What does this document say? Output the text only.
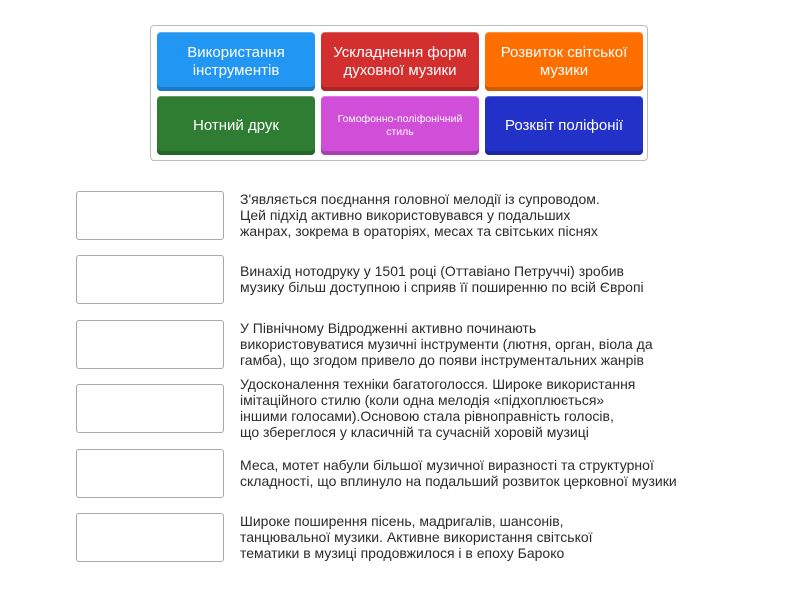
Використання інструментів
Ускладнення форм духовної музики
Розвиток світської музики
Нотний друк	Гомофонно-поліфонічний стиль	Розквіт поліфонії
З'являється поєднання головної мелодії із супроводом.
Цей підхід активно використовувався у подальших
жанрах, зокрема в ораторіях, месах та світських піснях
Винахід нотодруку у 1501 році (Оттавіано Петруччі) зробив
музику більш доступною і сприяв її поширенню по всій Європі
У Північному Відродженні активно починають
використовуватися музичні інструменти (лютня, орган, віола да
гамба), що згодом привело до появи інструментальних жанрів
Удосконалення техніки багатоголосся. Широке використання
імітаційного стилю (коли одна мелодія «підхоплюється»
іншими голосами).Основою стала рівноправність голосів,
що збереглося у класичній та сучасній хоровій музиці
Меса, мотет набули більшої музичної виразності та структурної
складності, що вплинуло на подальший розвиток церковної музики
Широке поширення пісень, мадригалів, шансонів,
танцювальної музики. Активне використання світської
тематики в музиці продовжилося і в епоху Бароко
